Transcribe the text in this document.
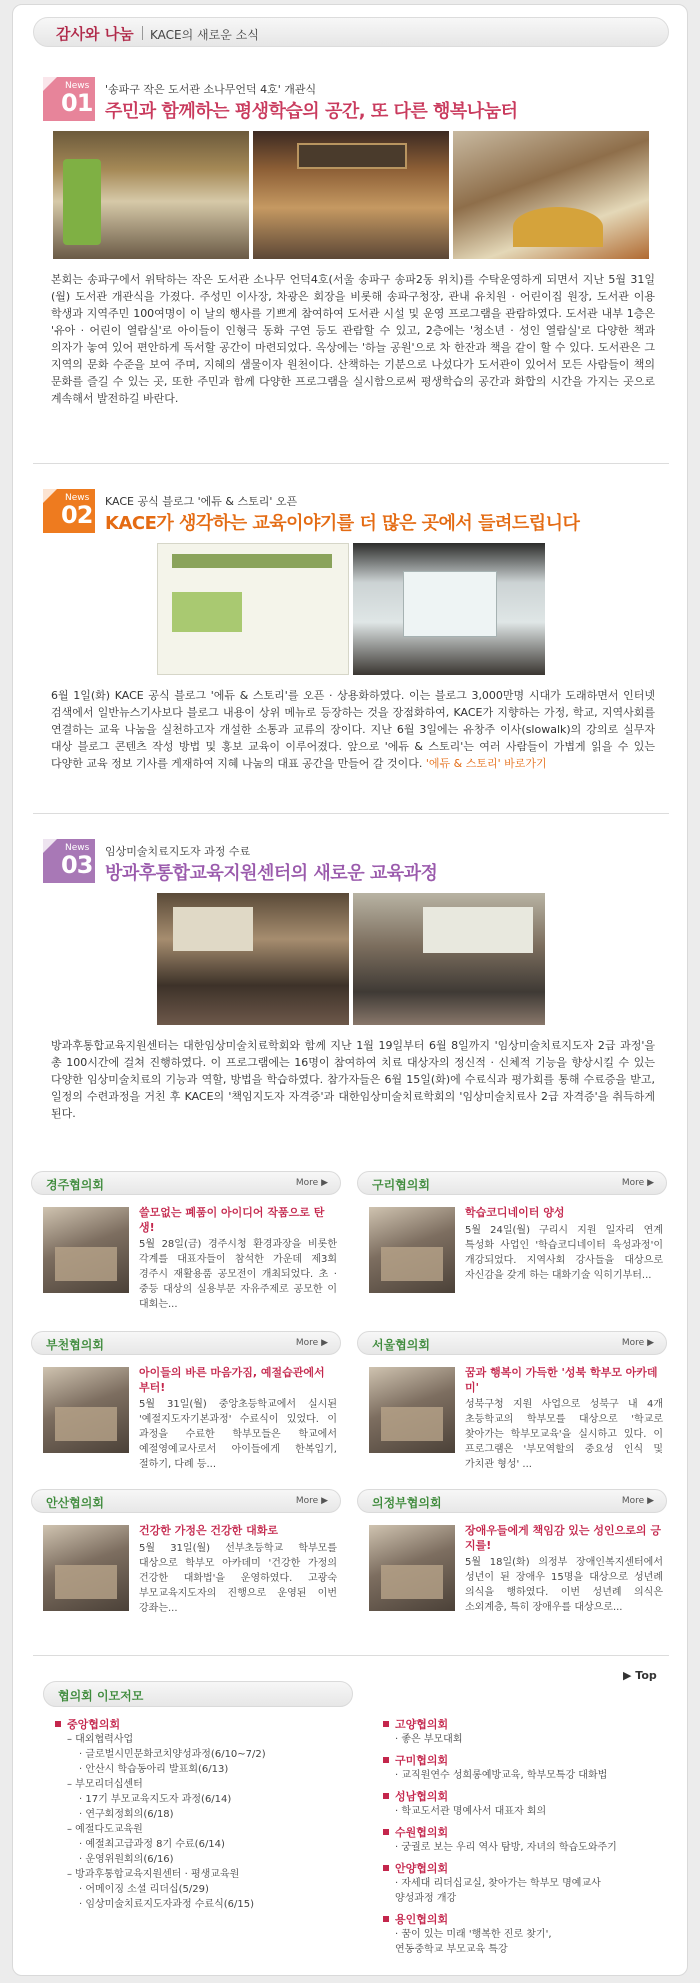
감사와 나눔 KACE의 새로운 소식
News
01 '송파구 작은 도서관 소나무언덕 4호' 개관식
주민과 함께하는 평생학습의 공간, 또 다른 행복나눔터
본회는 송파구에서 위탁하는 작은 도서관 소나무 언덕4호(서울 송파구 송파2동 위치)를 수탁운영하게 되면서 지난 5월 31일(월) 도서관 개관식을 가졌다. 주성민 이사장, 차광은 회장을 비롯해 송파구청장, 관내 유치원 · 어린이집 원장, 도서관 이용 학생과 지역주민 100여명이 이 날의 행사를 기쁘게 참여하여 도서관 시설 및 운영 프로그램을 관람하였다. 도서관 내부 1층은 '유아 · 어린이 열람실'로 아이들이 인형극 동화 구연 등도 관람할 수 있고, 2층에는 '청소년 · 성인 열람실'로 다양한 책과 의자가 놓여 있어 편안하게 독서할 공간이 마련되었다. 옥상에는 '하늘 공원'으로 차 한잔과 책을 같이 할 수 있다. 도서관은 그 지역의 문화 수준을 보여 주며, 지혜의 샘물이자 원천이다. 산책하는 기분으로 나섰다가 도서관이 있어서 모든 사람들이 책의 문화를 즐길 수 있는 곳, 또한 주민과 함께 다양한 프로그램을 실시함으로써 평생학습의 공간과 화합의 시간을 가지는 곳으로 계속해서 발전하길 바란다.
News
02 KACE 공식 블로그 '에듀 & 스토리' 오픈
KACE가 생각하는 교육이야기를 더 많은 곳에서 들려드립니다
6월 1일(화) KACE 공식 블로그 '에듀 & 스토리'를 오픈 · 상용화하였다. 이는 블로그 3,000만명 시대가 도래하면서 인터넷 검색에서 일반뉴스기사보다 블로그 내용이 상위 메뉴로 등장하는 것을 장점화하여, KACE가 지향하는 가정, 학교, 지역사회를 연결하는 교육 나눔을 실천하고자 개설한 소통과 교류의 장이다. 지난 6월 3일에는 유창주 이사(slowalk)의 강의로 실무자 대상 블로그 콘텐츠 작성 방법 및 홍보 교육이 이루어졌다. 앞으로 '에듀 & 스토리'는 여러 사람들이 가볍게 읽을 수 있는 다양한 교육 정보 기사를 게재하여 지혜 나눔의 대표 공간을 만들어 갈 것이다. '에듀 & 스토리' 바로가기
News
03 임상미술치료지도자 과정 수료
방과후통합교육지원센터의 새로운 교육과정
방과후통합교육지원센터는 대한임상미술치료학회와 함께 지난 1월 19일부터 6월 8일까지 '임상미술치료지도자 2급 과정'을 총 100시간에 걸쳐 진행하였다. 이 프로그램에는 16명이 참여하여 치료 대상자의 정신적 · 신체적 기능을 향상시킬 수 있는 다양한 임상미술치료의 기능과 역할, 방법을 학습하였다. 참가자들은 6월 15일(화)에 수료식과 평가회를 통해 수료증을 받고, 일정의 수련과정을 거친 후 KACE의 '책임지도자 자격증'과 대한임상미술치료학회의 '임상미술치료사 2급 자격증'을 취득하게 된다.
경주협의회	More ▶
쓸모없는 폐품이 아이디어 작품으로 탄생!
5월 28일(금) 경주시청 환경과장을 비롯한 각계를 대표자들이 참석한 가운데 제3회 경주시 재활용품 공모전이 개최되었다. 초 · 중등 대상의 실용부문 자유주제로 공모한 이 대회는...
구리협의회	More ▶
학습코디네이터 양성
5월 24일(월) 구리시 지원 일자리 연계 특성화 사업인 '학습코디네이터 육성과정'이 개강되었다. 지역사회 강사들을 대상으로 자신감을 갖게 하는 대화기술 익히기부터...
부천협의회	More ▶
아이들의 바른 마음가짐, 예절습관에서 부터!
5월 31일(월) 중앙초등학교에서 실시된 '예절지도자기본과정' 수료식이 있었다. 이 과정을 수료한 학부모들은 학교에서 예절영예교사로서 아이들에게 한복입기, 절하기, 다례 등...
서울협의회	More ▶
꿈과 행복이 가득한 '성북 학부모 아카데미'
성북구청 지원 사업으로 성북구 내 4개 초등학교의 학부모를 대상으로 '학교로 찾아가는 학부모교육'을 실시하고 있다. 이 프로그램은 '부모역할의 중요성 인식 및 가치관 형성' ...
안산협의회	More ▶
건강한 가정은 건강한 대화로
5월 31일(월) 선부초등학교 학부모를 대상으로 학부모 아카데미 '건강한 가정의 건강한 대화법'을 운영하였다. 고광숙 부모교육지도자의 진행으로 운영된 이번 강좌는...
의정부협의회	More ▶
장애우들에게 책임감 있는 성인으로의 긍지를!
5월 18일(화) 의정부 장애인복지센터에서 성년이 된 장애우 15명을 대상으로 성년례 의식을 행하였다. 이번 성년례 의식은 소외계층, 특히 장애우를 대상으로...
▶ Top
협의회 이모저모
중앙협의회
– 대외협력사업
· 글로벌시민문화코치양성과정(6/10~7/2)
· 안산시 학습동아리 발표회(6/13)
– 부모리더십센터
· 17기 부모교육지도자 과정(6/14)
· 연구회정회의(6/18)
– 예절다도교육원
· 예절최고급과정 8기 수료(6/14)
· 운영위원회의(6/16)
– 방과후통합교육지원센터 · 평생교육원
· 어메이징 소셜 리더십(5/29)
· 임상미술치료지도자과정 수료식(6/15)
고양협의회
· 좋은 부모대회
구미협의회
· 교직원연수 성희롱예방교육, 학부모특강 대화법
성남협의회
· 학교도서관 명예사서 대표자 회의
수원협의회
· 궁궐로 보는 우리 역사 탐방, 자녀의 학습도와주기
안양협의회
· 자세대 리더십교실, 찾아가는 학부모 명예교사
양성과정 개강
용인협의회
· 꿈이 있는 미래 '행복한 진로 찾기',
연동중학교 부모교육 특강
